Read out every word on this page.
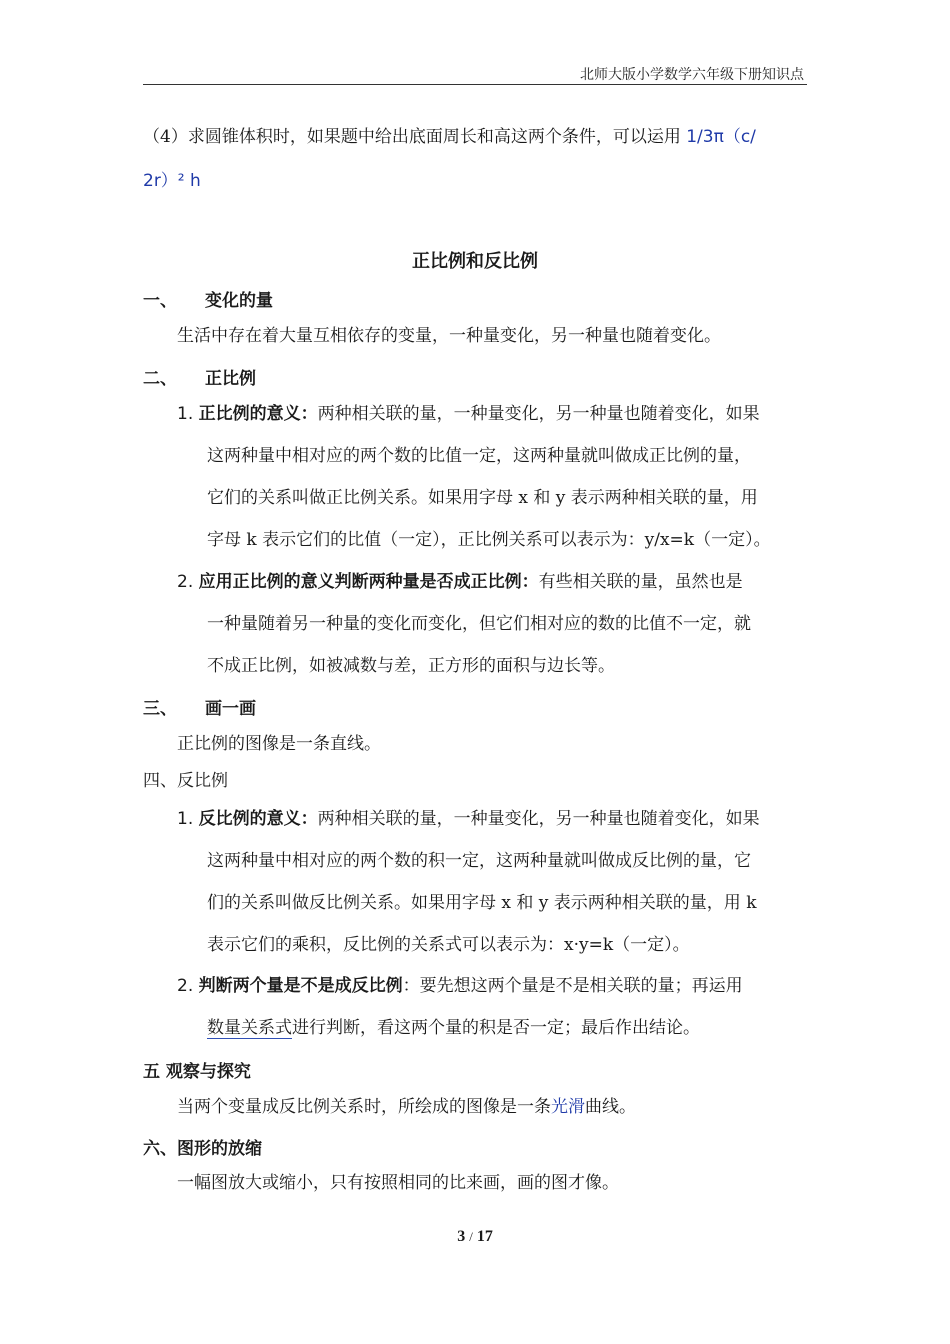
北师大版小学数学六年级下册知识点
（4）求圆锥体积时，如果题中给出底面周长和高这两个条件，可以运用 1/3π（c/
2r）² h
正比例和反比例
一、 变化的量
生活中存在着大量互相依存的变量，一种量变化，另一种量也随着变化。
二、 正比例
1. 正比例的意义：两种相关联的量，一种量变化，另一种量也随着变化，如果
这两种量中相对应的两个数的比值一定，这两种量就叫做成正比例的量，
它们的关系叫做正比例关系。如果用字母 x 和 y 表示两种相关联的量，用
字母 k 表示它们的比值（一定），正比例关系可以表示为：y/x=k（一定）。
2. 应用正比例的意义判断两种量是否成正比例：有些相关联的量，虽然也是
一种量随着另一种量的变化而变化，但它们相对应的数的比值不一定，就
不成正比例，如被减数与差，正方形的面积与边长等。
三、 画一画
正比例的图像是一条直线。
四、反比例
1. 反比例的意义：两种相关联的量，一种量变化，另一种量也随着变化，如果
这两种量中相对应的两个数的积一定，这两种量就叫做成反比例的量，它
们的关系叫做反比例关系。如果用字母 x 和 y 表示两种相关联的量，用 k
表示它们的乘积，反比例的关系式可以表示为：x·y=k（一定）。
2. 判断两个量是不是成反比例：要先想这两个量是不是相关联的量；再运用
数量关系式进行判断，看这两个量的积是否一定；最后作出结论。
五 观察与探究
当两个变量成反比例关系时，所绘成的图像是一条光滑曲线。
六、图形的放缩
一幅图放大或缩小，只有按照相同的比来画，画的图才像。
3 / 17
